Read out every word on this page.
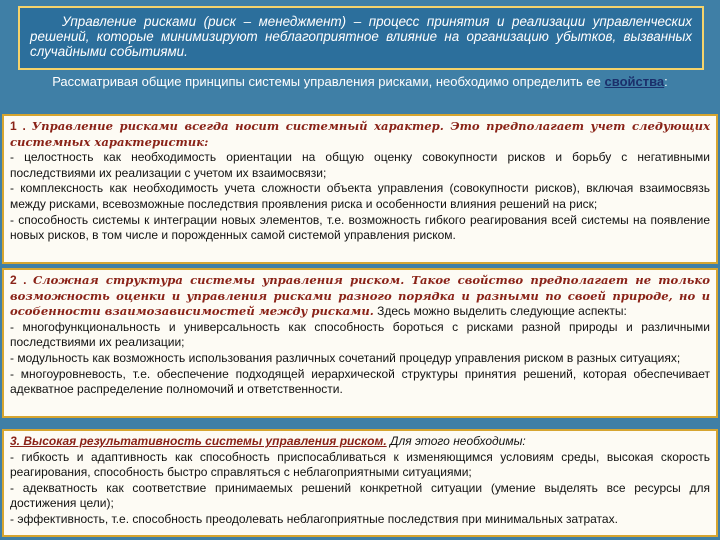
Управление рисками (риск – менеджмент) – процесс принятия и реализации управленческих решений, которые минимизируют неблагоприятное влияние на организацию убытков, вызванных случайными событиями.
Рассматривая общие принципы системы управления рисками, необходимо определить ее свойства:

1 . Управление рисками всегда носит системный характер. Это предполагает учет следующих системных характеристик:

- целостность как необходимость ориентации на общую оценку совокупности рисков и борьбу с негативными последствиями их реализации с учетом их взаимосвязи;

- комплексность как необходимость учета сложности объекта управления (совокупности рисков), включая взаимосвязь между рисками, всевозможные последствия проявления риска и особенности влияния решений на риск;

- способность системы к интеграции новых элементов, т.е. возможность гибкого реагирования всей системы на появление новых рисков, в том числе и порожденных самой системой управления риском.

2 . Сложная структура системы управления риском. Такое свойство предполагает не только возможность оценки и управления рисками разного порядка и разными по своей природе, но и особенности взаимозависимостей между рисками. Здесь можно выделить следующие аспекты:

- многофункциональность и универсальность как способность бороться с рисками разной природы и различными последствиями их реализации;

- модульность как возможность использования различных сочетаний процедур управления риском в разных ситуациях;

- многоуровневость, т.е. обеспечение подходящей иерархической структуры принятия решений, которая обеспечивает адекватное распределение полномочий и ответственности.

3. Высокая результативность системы управления риском. Для этого необходимы:

- гибкость и адаптивность как способность приспосабливаться к изменяющимся условиям среды, высокая скорость реагирования, способность быстро справляться с неблагоприятными ситуациями;

- адекватность как соответствие принимаемых решений конкретной ситуации (умение выделять все ресурсы для достижения цели);

- эффективность, т.е. способность преодолевать неблагоприятные последствия при минимальных затратах.
